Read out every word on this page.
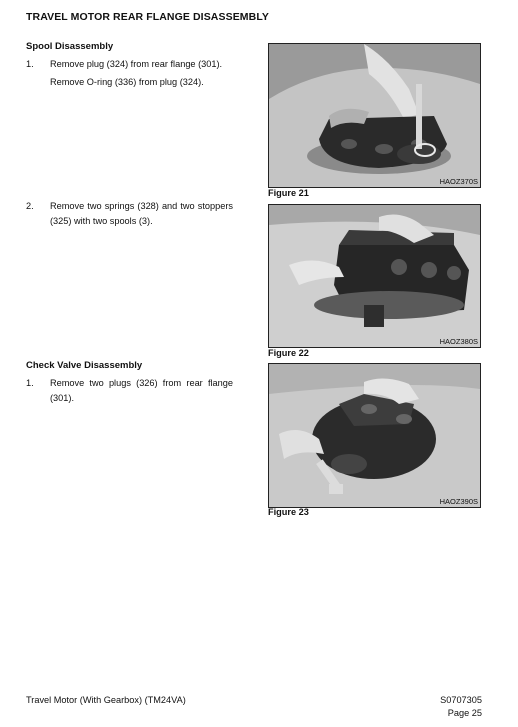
TRAVEL MOTOR REAR FLANGE DISASSEMBLY
Spool Disassembly
1. Remove plug (324) from rear flange (301).
Remove O-ring (336) from plug (324).
2. Remove two springs (328) and two stoppers (325) with two spools (3).
Check Valve Disassembly
1. Remove two plugs (326) from rear flange (301).
HAOZ370S
Figure 21
HAOZ380S
Figure 22
HAOZ390S
Figure 23
Travel Motor (With Gearbox) (TM24VA)	S0707305
Page 25
